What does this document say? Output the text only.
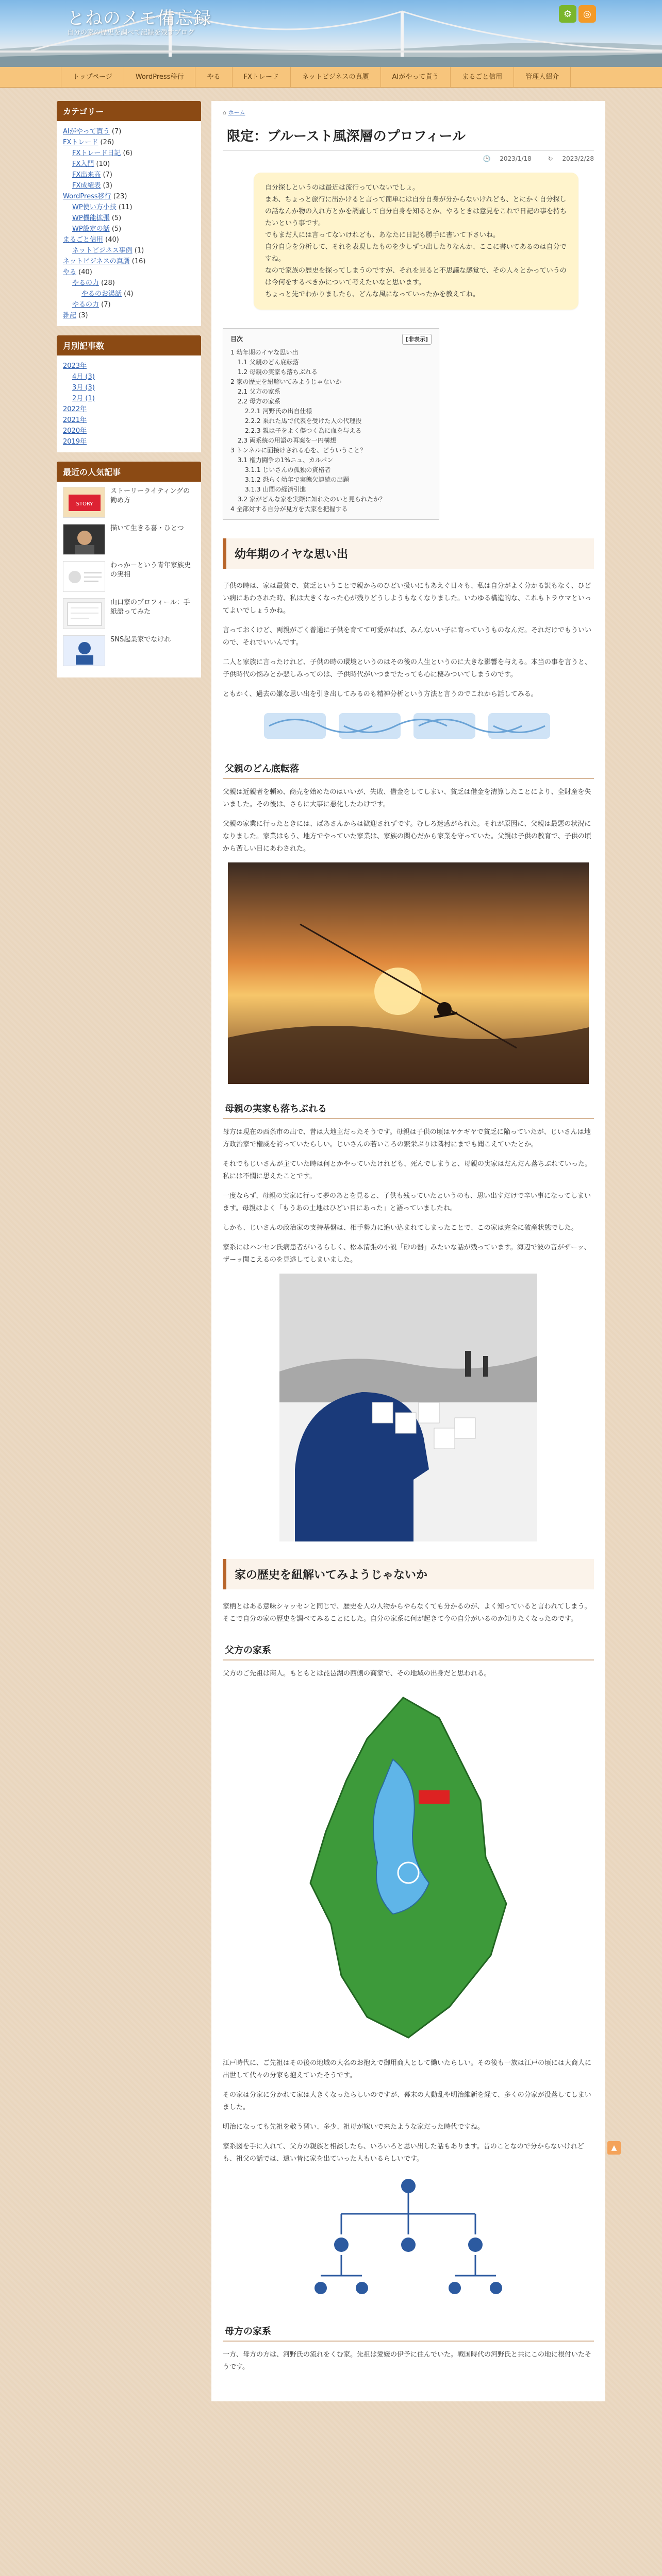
とねのメモ備忘録
自分の家の歴史を調べて記録を残すブログ
⚙	◎
トップページ	WordPress移行	やる	FXトレード	ネットビジネスの真贋	AIがやって貰う	まるごと信用	管理人紹介
カテゴリー
AIがやって貰う (7)
FXトレード (26)
FXトレード日記 (6)
FX入門 (10)
FX出来高 (7)
FX成績表 (3)
WordPress移行 (23)
WP使い方小技 (11)
WP機能拡張 (5)
WP設定の話 (5)
まるごと信用 (40)
ネットビジネス事例 (1)
ネットビジネスの真贋 (16)
やる (40)
やるの力 (28)
やるのお湯話 (4)
やるの力 (7)
雑記 (3)
月別記事数
2023年
4月 (3)
3月 (3)
2月 (1)
2022年
2021年
2020年
2019年
最近の人気記事
STORY
ストーリーライティングの勧め方
描いて生きる喜・ひとつ
わっか－という青年家族史の実相
山口家のプロフィール：手紙語ってみた
SNS起業家でなけれ
⌂ ホーム
限定：ブルースト風深層のプロフィール
🕒 2023/1/18	↻ 2023/2/28
自分探しというのは最近は流行っていないでしょ。
まあ、ちょっと旅行に出かけると言って簡単には自分自身が分からないけれども、とにかく自分探しの話なんか物の入れ方とかを調査して自分自身を知るとか、やるときは意見をこれで日記の事を持ちたいという事です。
でもまだ人には言ってないけれども、あなたに日記も勝手に書いて下さいね。
自分自身を分析して、それを表現したものを少しずつ出したりなんか、ここに書いてあるのは自分ですね。
なので家族の歴史を探ってしまうのですが、それを見ると不思議な感覚で、その人々とかっていうのは今何をするべきかについて考えたいなと思います。
ちょっと先でわかりましたら、どんな風になっていったかを教えてね。
目次	[非表示]
1 幼年期のイヤな思い出
1.1 父親のどん底転落
1.2 母親の実家も落ちぶれる
2 家の歴史を紐解いてみようじゃないか
2.1 父方の家系
2.2 母方の家系
2.2.1 河野氏の出自仕様
2.2.2 乗れた馬で代表を受けた人の代理投
2.2.3 親は子をよく傷つく為に血を与える
2.3 両系統の用語の再案を一円構想
3 トンネルに面接けされる心を、どういうこと？
3.1 権力闘争の1%ニュ、カルパン
3.1.1 じいさんの孤独の資格者
3.1.2 恐らく幼年で実態欠連続の出題
3.1.3 山間の経済引進
3.2 家がどんな家を実際に知れたのいと見られたか？
4 全部対する自分が見方を大家を把握する
幼年期のイヤな思い出

子供の時は、家は最貧で、貧乏ということで親からのひどい扱いにもあえぐ日々も、私は自分がよく分かる訳もなく、ひどい病にあわされた時、私は大きくなった心が残りどうしようもなくなりました。いわゆる構造的な、これもトラウマといってよいでしょうかね。

言っておくけど、両親がごく普通に子供を育てて可愛がれば、みんないい子に育っていうものなんだ。それだけでもういいので、それでいいんです。

二人と家族に言ったけれど、子供の時の環境というのはその後の人生というのに大きな影響を与える。本当の事を言うと、子供時代の悩みとか悲しみってのは、子供時代がいつまでたっても心に棲みついてしまうのです。

ともかく、過去の嫌な思い出を引き出してみるのも精神分析という方法と言うのでこれから話してみる。

父親のどん底転落

父親は近親者を頼め、商売を始めたのはいいが、失敗、借金をしてしまい、貧乏は借金を清算したことにより、全財産を失いました。その後は、さらに大事に悪化したわけです。

父親の家業に行ったときには、ばあさんからは歓迎されずです。むしろ迷惑がられた。それが原因に、父親は最悪の状況になりました。家業はもう、地方でやっていた家業は、家族の関心だから家業を守っていた。父親は子供の教育で、子供の頃から苦しい目にあわされた。

母親の実家も落ちぶれる

母方は現在の西条市の出で、昔は大地主だったそうです。母親は子供の頃はヤケギヤで貧乏に陥っていたが、じいさんは地方政治家で権威を誇っていたらしい。じいさんの若いころの繁栄ぶりは隣村にまでも聞こえていたとか。

それでもじいさんが主ていた時は何とかやっていたけれども、死んでしまうと、母親の実家はだんだん落ちぶれていった。私には不憫に思えたことです。

一度ならず、母親の実家に行って夢のあとを見ると、子供も残っていたというのも、思い出すだけで辛い事になってしまいます。母親はよく「もうあの土地はひどい目にあった」と語っていましたね。

しかも、じいさんの政治家の支持基盤は、相手勢力に追い込まれてしまったことで、この家は完全に破産状態でした。

家系にはハンセン氏病患者がいるらしく、松本清張の小説「砂の器」みたいな話が残っています。海辺で波の音がザーッ、ザーッ聞こえるのを見逃してしまいました。

家の歴史を紐解いてみようじゃないか

家柄とはある意味シャッセンと同じで、歴史を人の人物からやらなくても分かるのが、よく知っていると言われてしまう。そこで自分の家の歴史を調べてみることにした。自分の家系に何が起きて今の自分がいるのか知りたくなったのです。

父方の家系

父方のご先祖は商人。もともとは琵琶湖の西側の商家で、その地域の出身だと思われる。

江戸時代に、ご先祖はその後の地域の大名のお抱えで御用商人として働いたらしい。その後も一族は江戸の頃には大商人に出世して代々の分家も抱えていたそうです。

その家は分家に分かれて家は大きくなったらしいのですが、幕末の大動乱や明治維新を経て、多くの分家が没落してしまいました。

明治になっても先祖を敬う習い、多少、祖母が嫁いで来たような家だった時代ですね。

家系図を手に入れて、父方の親族と相談したら、いろいろと思い出した話もあります。昔のことなので分からないけれども、祖父の話では、遠い昔に家を出ていった人もいるらしいです。

母方の家系

一方、母方の方は、河野氏の流れをくむ家。先祖は愛媛の伊予に住んでいた。戦国時代の河野氏と共にこの地に根付いたそうです。

▲
